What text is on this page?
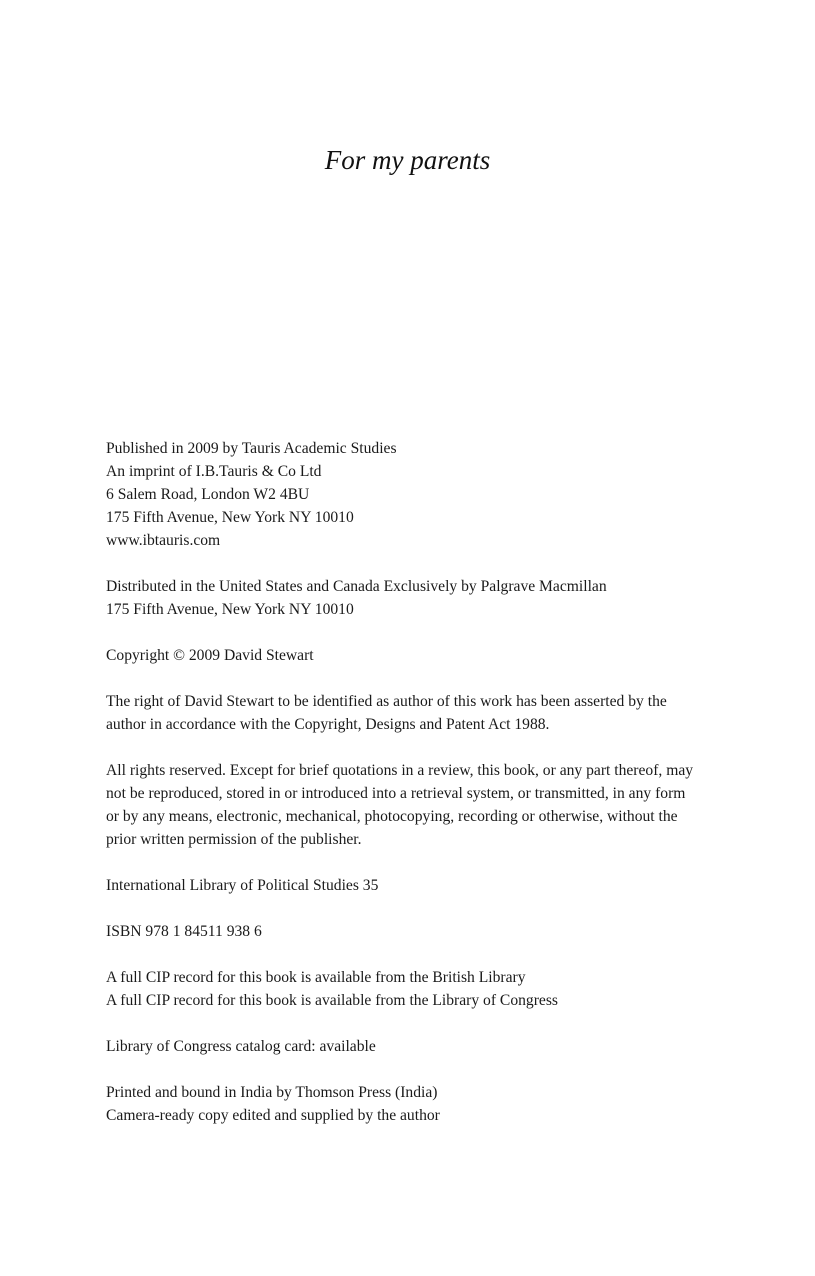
For my parents
Published in 2009 by Tauris Academic Studies
An imprint of I.B.Tauris & Co Ltd
6 Salem Road, London W2 4BU
175 Fifth Avenue, New York NY 10010
www.ibtauris.com
Distributed in the United States and Canada Exclusively by Palgrave Macmillan
175 Fifth Avenue, New York NY 10010
Copyright © 2009 David Stewart
The right of David Stewart to be identified as author of this work has been asserted by the
author in accordance with the Copyright, Designs and Patent Act 1988.
All rights reserved. Except for brief quotations in a review, this book, or any part thereof, may
not be reproduced, stored in or introduced into a retrieval system, or transmitted, in any form
or by any means, electronic, mechanical, photocopying, recording or otherwise, without the
prior written permission of the publisher.
International Library of Political Studies 35
ISBN 978 1 84511 938 6
A full CIP record for this book is available from the British Library
A full CIP record for this book is available from the Library of Congress
Library of Congress catalog card: available
Printed and bound in India by Thomson Press (India)
Camera-ready copy edited and supplied by the author
